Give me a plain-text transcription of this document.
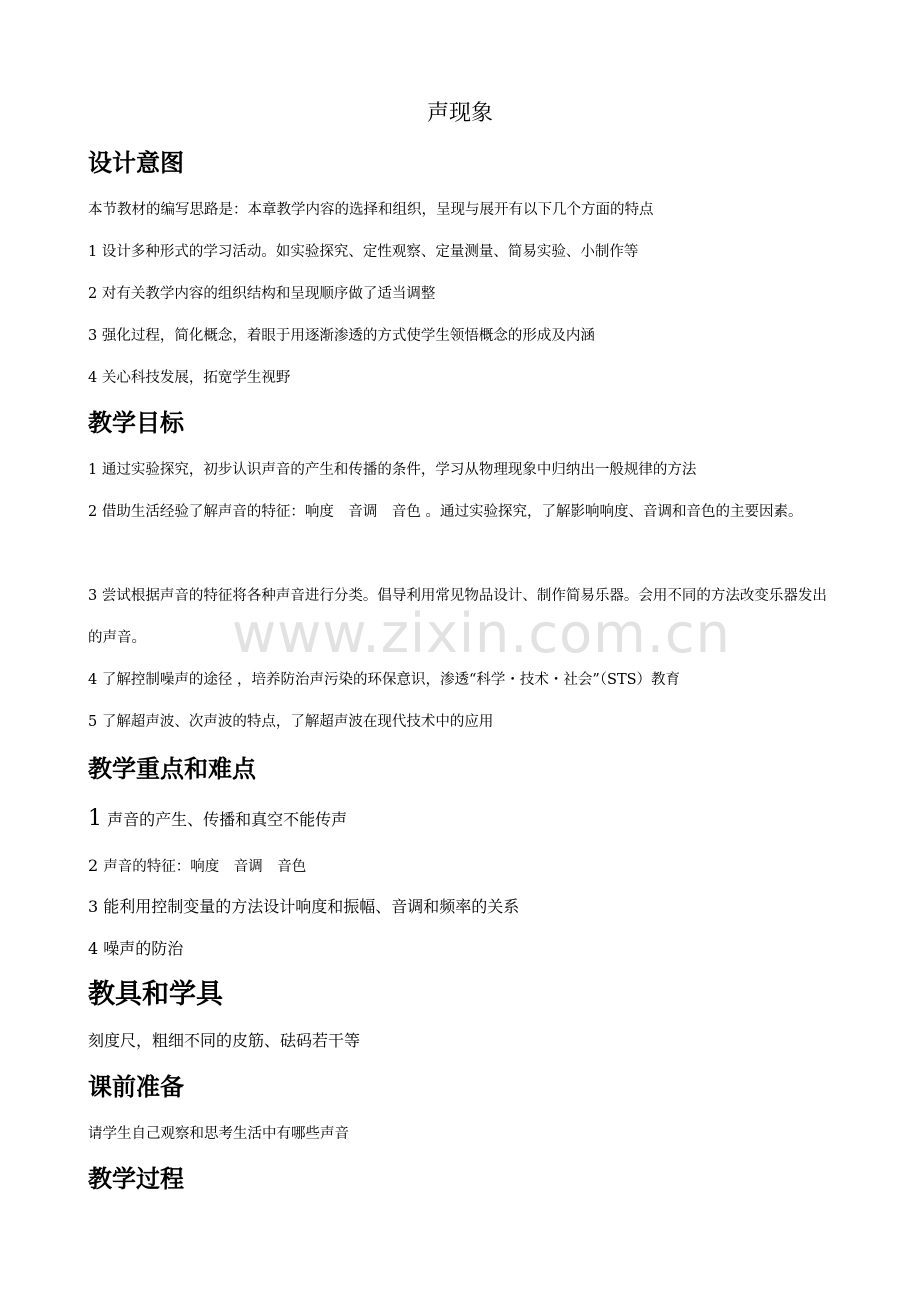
www.zixin.com.cn
声现象
设计意图
本节教材的编写思路是：本章教学内容的选择和组织，呈现与展开有以下几个方面的特点
1 设计多种形式的学习活动。如实验探究、定性观察、定量测量、简易实验、小制作等
2 对有关教学内容的组织结构和呈现顺序做了适当调整
3 强化过程，简化概念，着眼于用逐渐渗透的方式使学生领悟概念的形成及内涵
4 关心科技发展，拓宽学生视野
教学目标
1 通过实验探究，初步认识声音的产生和传播的条件，学习从物理现象中归纳出一般规律的方法
2 借助生活经验了解声音的特征：响度　音调　音色 。通过实验探究，了解影响响度、音调和音色的主要因素。
3 尝试根据声音的特征将各种声音进行分类。倡导利用常见物品设计、制作简易乐器。会用不同的方法改变乐器发出的声音。
4 了解控制噪声的途径 ，培养防治声污染的环保意识，渗透“科学・技术・社会”（STS）教育
5 了解超声波、次声波的特点，了解超声波在现代技术中的应用
教学重点和难点
1 声音的产生、传播和真空不能传声
2 声音的特征：响度　音调　音色
3 能利用控制变量的方法设计响度和振幅、音调和频率的关系
4 噪声的防治
教具和学具
刻度尺，粗细不同的皮筋、砝码若干等
课前准备
请学生自己观察和思考生活中有哪些声音
教学过程
